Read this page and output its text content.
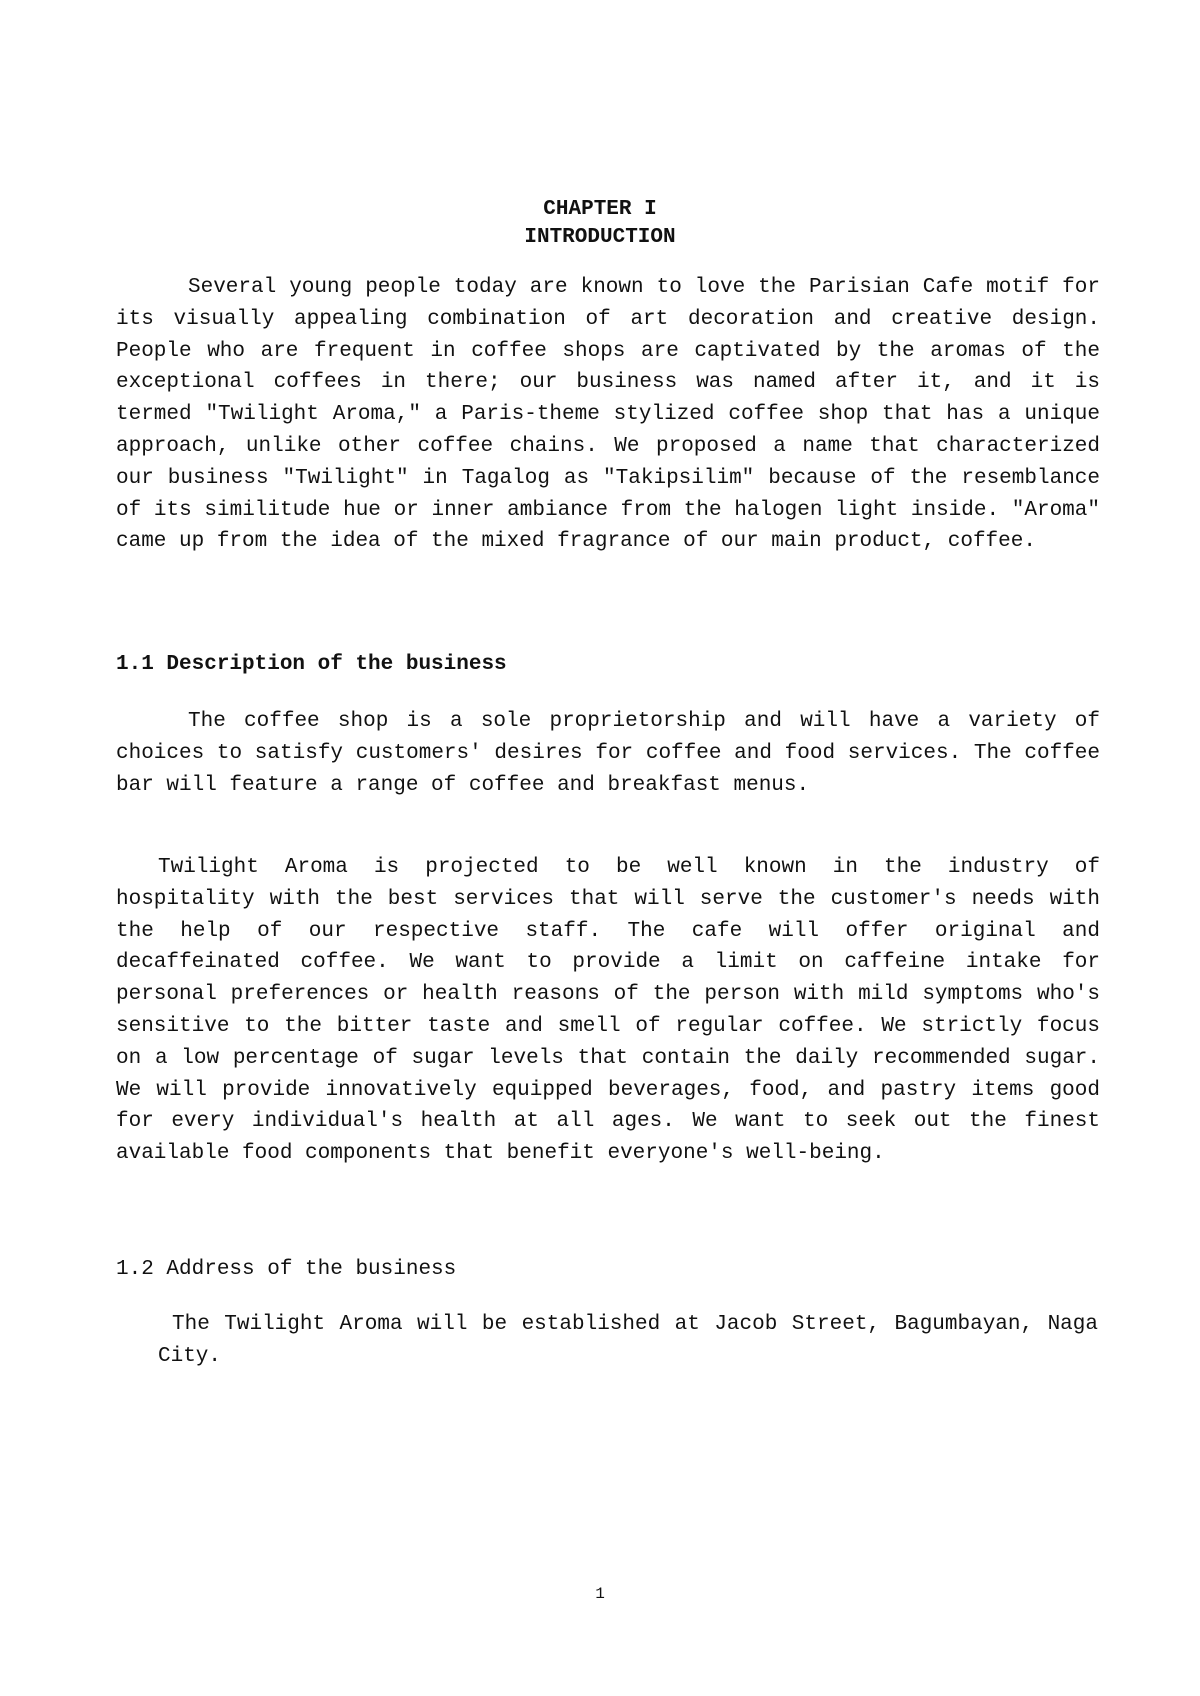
CHAPTER I
INTRODUCTION
Several young people today are known to love the Parisian Cafe motif for its visually appealing combination of art decoration and creative design. People who are frequent in coffee shops are captivated by the aromas of the exceptional coffees in there; our business was named after it, and it is termed "Twilight Aroma," a Paris-theme stylized coffee shop that has a unique approach, unlike other coffee chains. We proposed a name that characterized our business "Twilight" in Tagalog as "Takipsilim" because of the resemblance of its similitude hue or inner ambiance from the halogen light inside. "Aroma" came up from the idea of the mixed fragrance of our main product, coffee.
1.1 Description of the business
The coffee shop is a sole proprietorship and will have a variety of choices to satisfy customers' desires for coffee and food services. The coffee bar will feature a range of coffee and breakfast menus.
Twilight Aroma is projected to be well known in the industry of hospitality with the best services that will serve the customer's needs with the help of our respective staff. The cafe will offer original and decaffeinated coffee. We want to provide a limit on caffeine intake for personal preferences or health reasons of the person with mild symptoms who's sensitive to the bitter taste and smell of regular coffee. We strictly focus on a low percentage of sugar levels that contain the daily recommended sugar. We will provide innovatively equipped beverages, food, and pastry items good for every individual's health at all ages. We want to seek out the finest available food components that benefit everyone's well-being.
1.2 Address of the business
The Twilight Aroma will be established at Jacob Street, Bagumbayan, Naga City.
1
